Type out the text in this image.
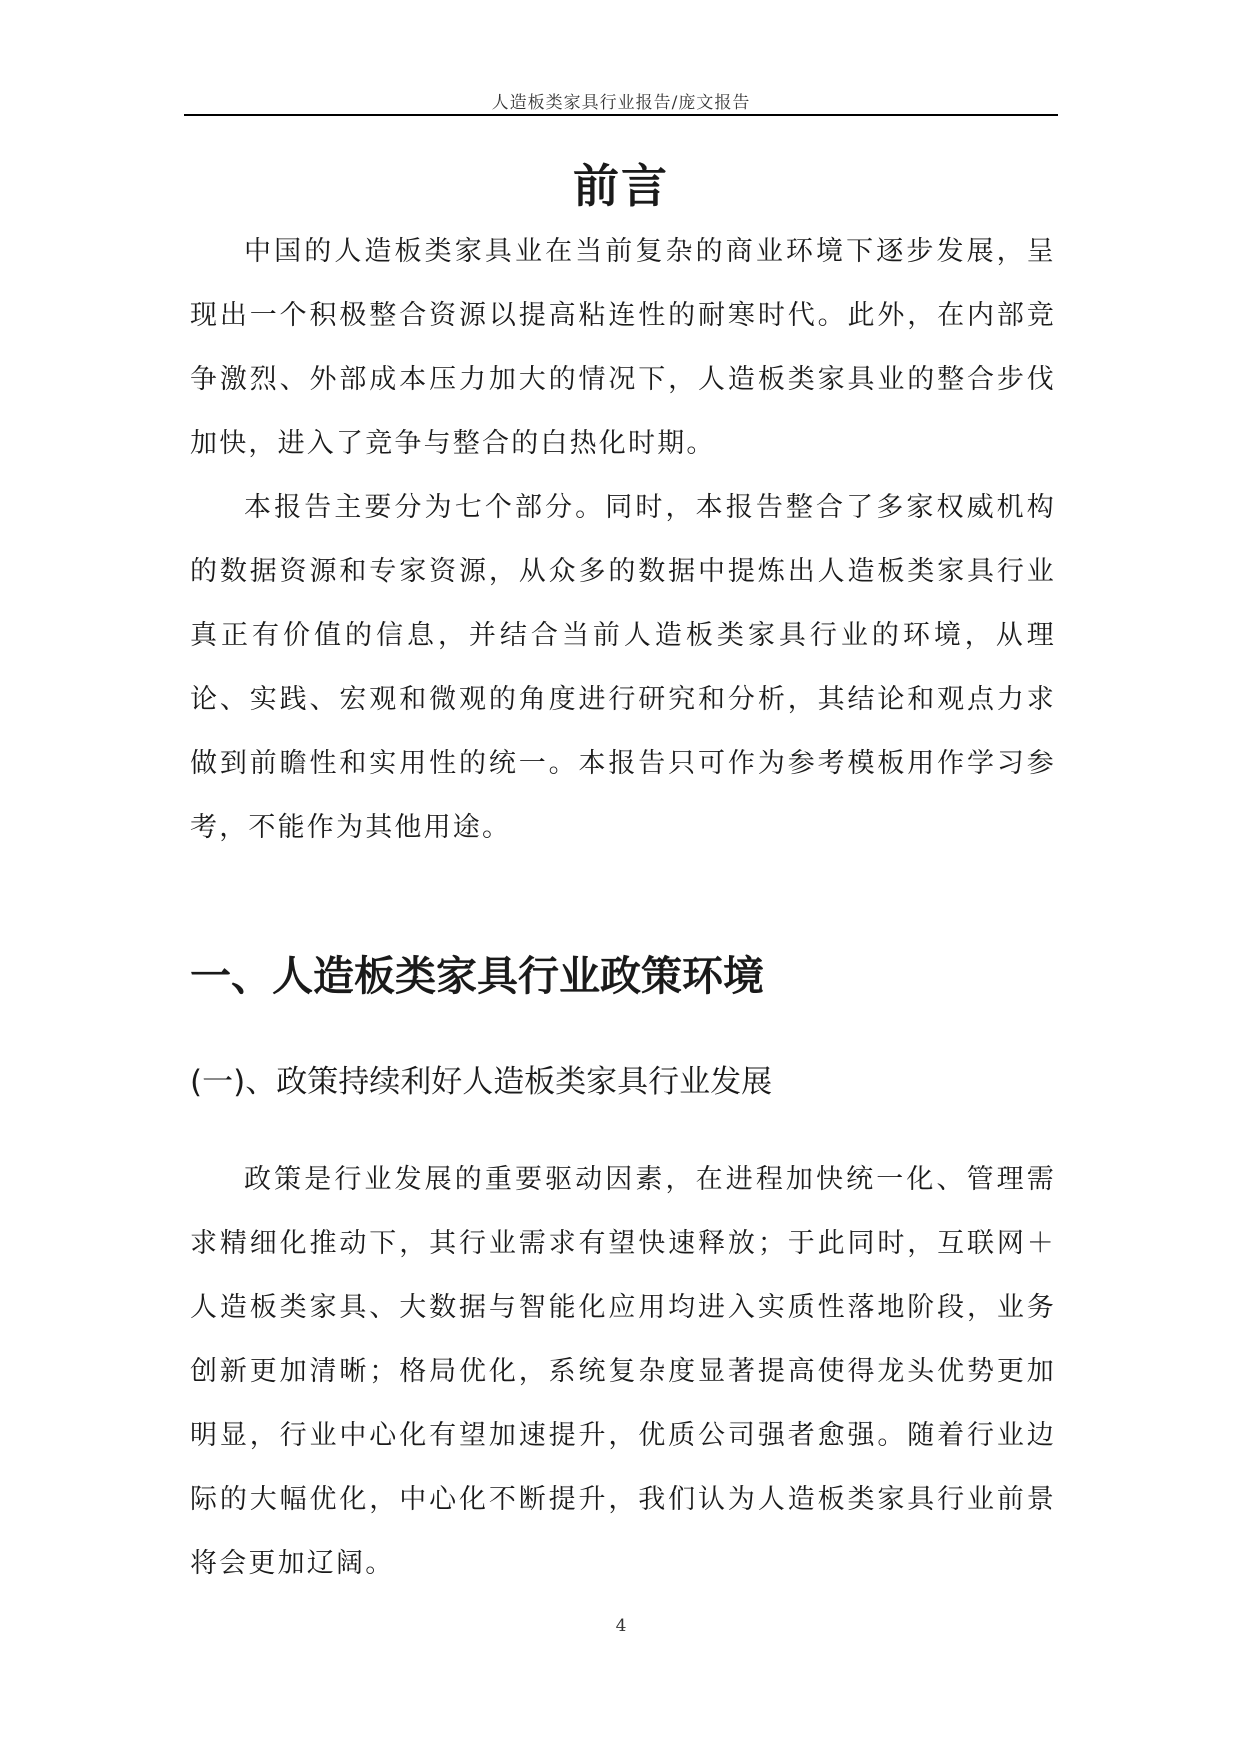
人造板类家具行业报告/庞文报告
前言

中国的人造板类家具业在当前复杂的商业环境下逐步发展，呈现出一个积极整合资源以提高粘连性的耐寒时代。此外，在内部竞争激烈、外部成本压力加大的情况下，人造板类家具业的整合步伐加快，进入了竞争与整合的白热化时期。

本报告主要分为七个部分。同时，本报告整合了多家权威机构的数据资源和专家资源，从众多的数据中提炼出人造板类家具行业真正有价值的信息，并结合当前人造板类家具行业的环境，从理论、实践、宏观和微观的角度进行研究和分析，其结论和观点力求做到前瞻性和实用性的统一。本报告只可作为参考模板用作学习参考，不能作为其他用途。

一、人造板类家具行业政策环境
(一)、政策持续利好人造板类家具行业发展

政策是行业发展的重要驱动因素，在进程加快统一化、管理需求精细化推动下，其行业需求有望快速释放；于此同时，互联网＋人造板类家具、大数据与智能化应用均进入实质性落地阶段，业务创新更加清晰；格局优化，系统复杂度显著提高使得龙头优势更加明显，行业中心化有望加速提升，优质公司强者愈强。随着行业边际的大幅优化，中心化不断提升，我们认为人造板类家具行业前景将会更加辽阔。

4
